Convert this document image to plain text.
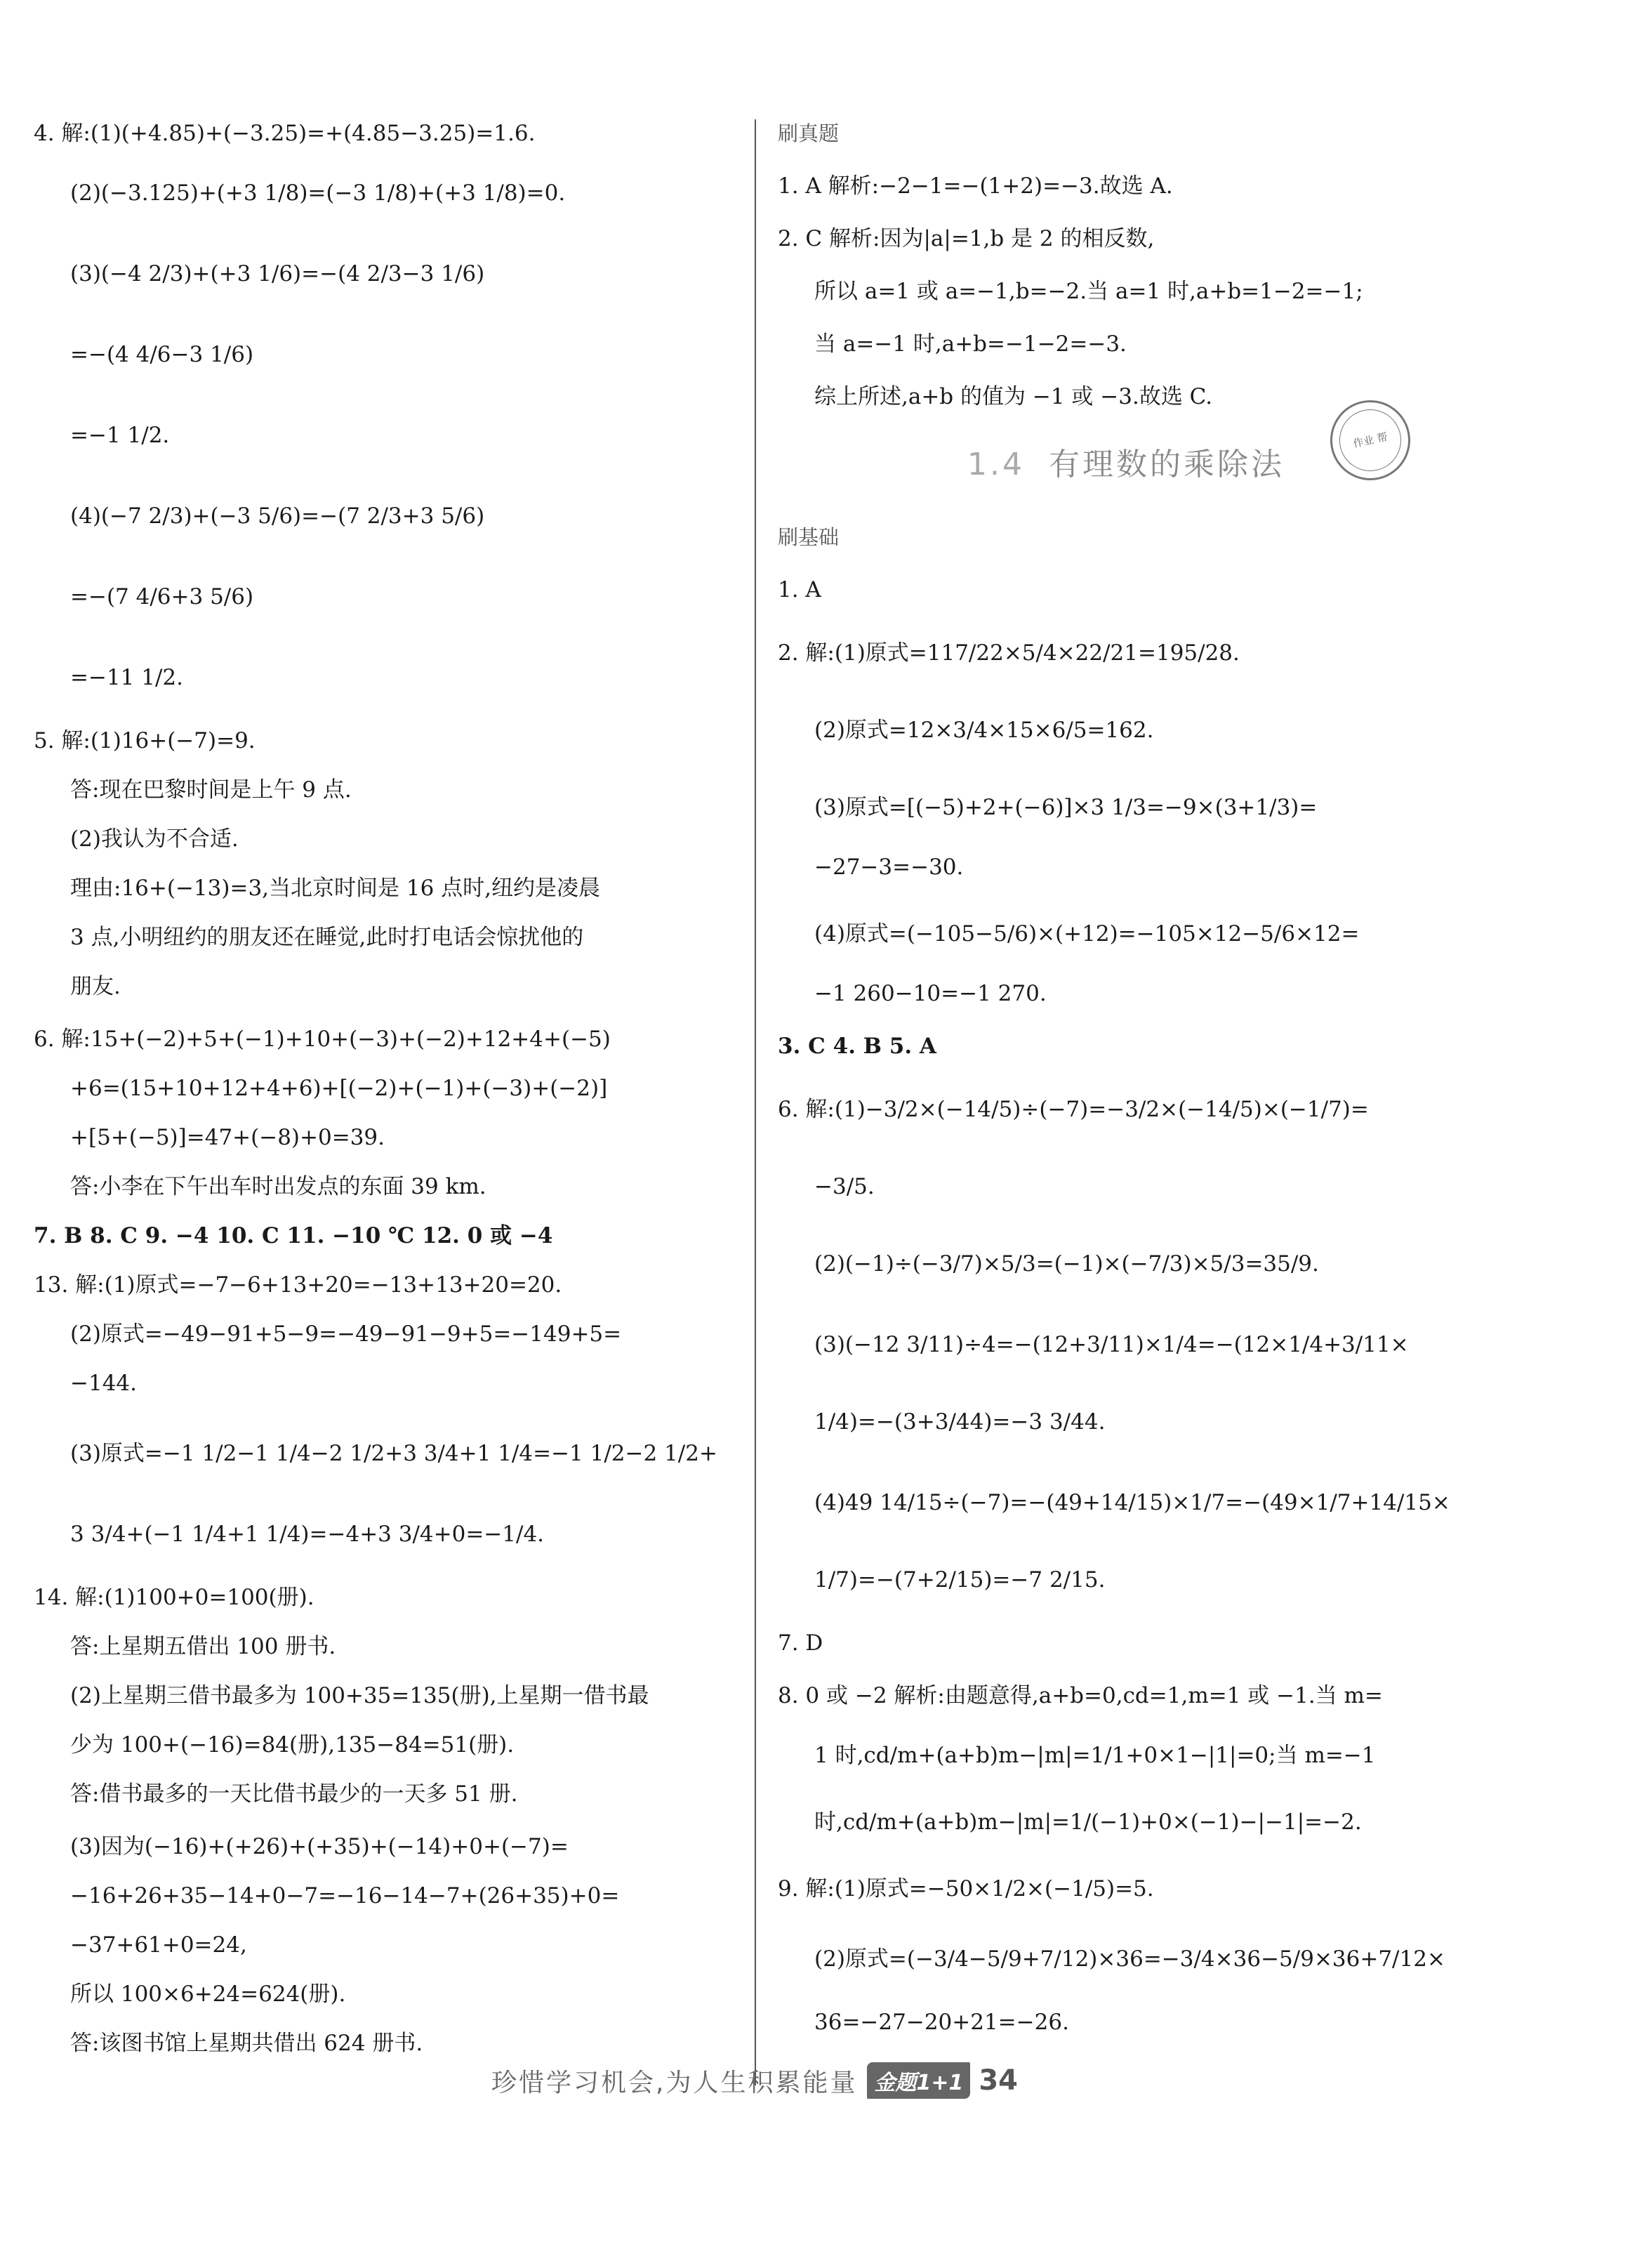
4. 解:(1)(+4.85)+(−3.25)=+(4.85−3.25)=1.6.
(2)(−3.125)+(+3 1/8)=(−3 1/8)+(+3 1/8)=0.
(3)(−4 2/3)+(+3 1/6)=−(4 2/3−3 1/6)
=−(4 4/6−3 1/6)
=−1 1/2.
(4)(−7 2/3)+(−3 5/6)=−(7 2/3+3 5/6)
=−(7 4/6+3 5/6)
=−11 1/2.
5. 解:(1)16+(−7)=9.
答:现在巴黎时间是上午 9 点.
(2)我认为不合适.
理由:16+(−13)=3,当北京时间是 16 点时,纽约是凌晨
3 点,小明纽约的朋友还在睡觉,此时打电话会惊扰他的
朋友.
6. 解:15+(−2)+5+(−1)+10+(−3)+(−2)+12+4+(−5)
+6=(15+10+12+4+6)+[(−2)+(−1)+(−3)+(−2)]
+[5+(−5)]=47+(−8)+0=39.
答:小李在下午出车时出发点的东面 39 km.
7. B 8. C 9. −4 10. C 11. −10 ℃ 12. 0 或 −4
13. 解:(1)原式=−7−6+13+20=−13+13+20=20.
(2)原式=−49−91+5−9=−49−91−9+5=−149+5=
−144.
(3)原式=−1 1/2−1 1/4−2 1/2+3 3/4+1 1/4=−1 1/2−2 1/2+
3 3/4+(−1 1/4+1 1/4)=−4+3 3/4+0=−1/4.
14. 解:(1)100+0=100(册).
答:上星期五借出 100 册书.
(2)上星期三借书最多为 100+35=135(册),上星期一借书最
少为 100+(−16)=84(册),135−84=51(册).
答:借书最多的一天比借书最少的一天多 51 册.
(3)因为(−16)+(+26)+(+35)+(−14)+0+(−7)=
−16+26+35−14+0−7=−16−14−7+(26+35)+0=
−37+61+0=24,
所以 100×6+24=624(册).
答:该图书馆上星期共借出 624 册书.
刷真题
1. A 解析:−2−1=−(1+2)=−3.故选 A.
2. C 解析:因为|a|=1,b 是 2 的相反数,
所以 a=1 或 a=−1,b=−2.当 a=1 时,a+b=1−2=−1;
当 a=−1 时,a+b=−1−2=−3.
综上所述,a+b 的值为 −1 或 −3.故选 C.
1.4 有理数的乘除法
刷基础
1. A
2. 解:(1)原式=117/22×5/4×22/21=195/28.
(2)原式=12×3/4×15×6/5=162.
(3)原式=[(−5)+2+(−6)]×3 1/3=−9×(3+1/3)=
−27−3=−30.
(4)原式=(−105−5/6)×(+12)=−105×12−5/6×12=
−1 260−10=−1 270.
3. C 4. B 5. A
6. 解:(1)−3/2×(−14/5)÷(−7)=−3/2×(−14/5)×(−1/7)=
−3/5.
(2)(−1)÷(−3/7)×5/3=(−1)×(−7/3)×5/3=35/9.
(3)(−12 3/11)÷4=−(12+3/11)×1/4=−(12×1/4+3/11×
1/4)=−(3+3/44)=−3 3/44.
(4)49 14/15÷(−7)=−(49+14/15)×1/7=−(49×1/7+14/15×
1/7)=−(7+2/15)=−7 2/15.
7. D
8. 0 或 −2 解析:由题意得,a+b=0,cd=1,m=1 或 −1.当 m=
1 时,cd/m+(a+b)m−|m|=1/1+0×1−|1|=0;当 m=−1
时,cd/m+(a+b)m−|m|=1/(−1)+0×(−1)−|−1|=−2.
9. 解:(1)原式=−50×1/2×(−1/5)=5.
(2)原式=(−3/4−5/9+7/12)×36=−3/4×36−5/9×36+7/12×
36=−27−20+21=−26.
作业 帮
珍惜学习机会,为人生积累能量 金题1+1 34
